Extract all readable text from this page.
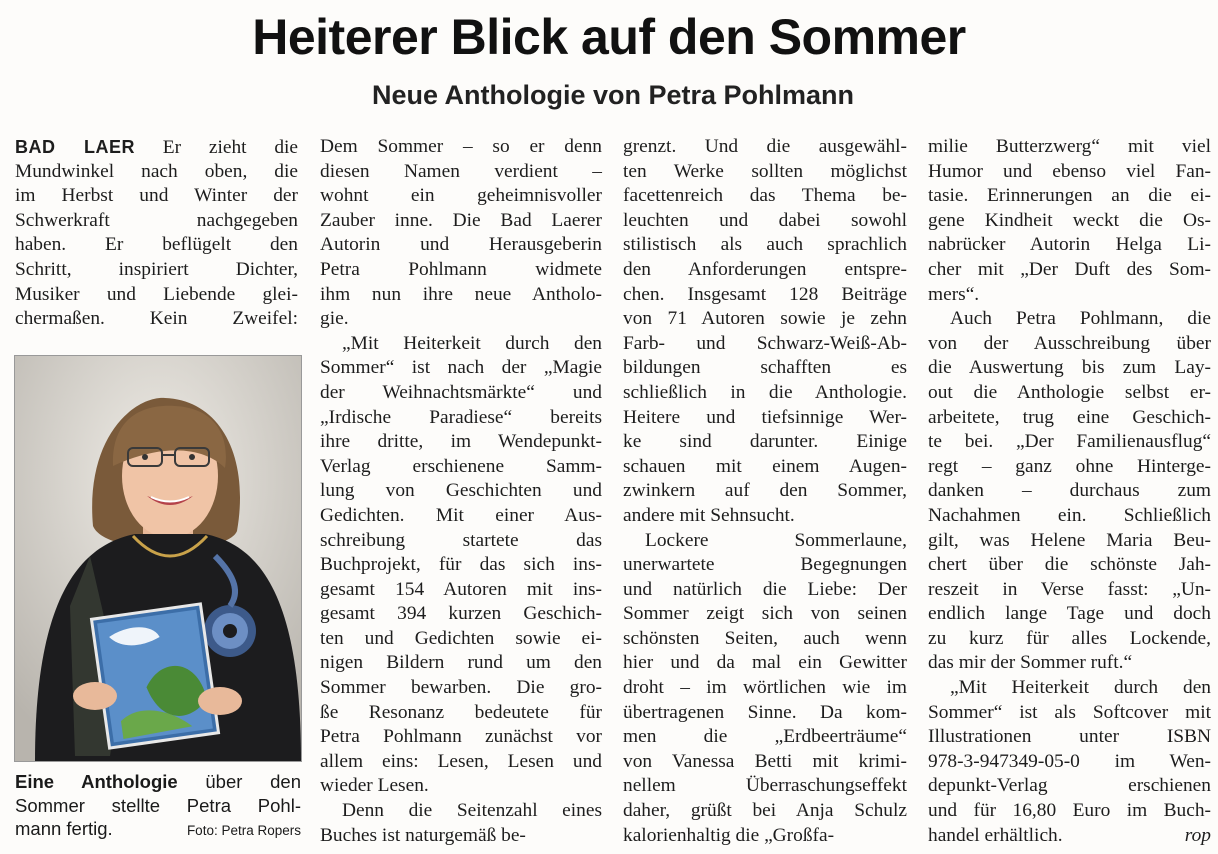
Heiterer Blick auf den Sommer
Neue Anthologie von Petra Pohlmann
BAD LAER Er zieht die
Mundwinkel nach oben, die
im Herbst und Winter der
Schwerkraft nachgegeben
haben. Er beflügelt den
Schritt, inspiriert Dichter,
Musiker und Liebende glei-
chermaßen. Kein Zweifel:
Eine Anthologie über den
Sommer stellte Petra Pohl-
mann fertig.	Foto: Petra Ropers
Dem Sommer – so er denn
diesen Namen verdient –
wohnt ein geheimnisvoller
Zauber inne. Die Bad Laerer
Autorin und Herausgeberin
Petra Pohlmann widmete
ihm nun ihre neue Antholo-
gie.
„Mit Heiterkeit durch den
Sommer“ ist nach der „Magie
der Weihnachtsmärkte“ und
„Irdische Paradiese“ bereits
ihre dritte, im Wendepunkt-
Verlag erschienene Samm-
lung von Geschichten und
Gedichten. Mit einer Aus-
schreibung startete das
Buchprojekt, für das sich ins-
gesamt 154 Autoren mit ins-
gesamt 394 kurzen Geschich-
ten und Gedichten sowie ei-
nigen Bildern rund um den
Sommer bewarben. Die gro-
ße Resonanz bedeutete für
Petra Pohlmann zunächst vor
allem eins: Lesen, Lesen und
wieder Lesen.
Denn die Seitenzahl eines
Buches ist naturgemäß be-
grenzt. Und die ausgewähl-
ten Werke sollten möglichst
facettenreich das Thema be-
leuchten und dabei sowohl
stilistisch als auch sprachlich
den Anforderungen entspre-
chen. Insgesamt 128 Beiträge
von 71 Autoren sowie je zehn
Farb- und Schwarz-Weiß-Ab-
bildungen schafften es
schließlich in die Anthologie.
Heitere und tiefsinnige Wer-
ke sind darunter. Einige
schauen mit einem Augen-
zwinkern auf den Sommer,
andere mit Sehnsucht.
Lockere Sommerlaune,
unerwartete Begegnungen
und natürlich die Liebe: Der
Sommer zeigt sich von seinen
schönsten Seiten, auch wenn
hier und da mal ein Gewitter
droht – im wörtlichen wie im
übertragenen Sinne. Da kom-
men die „Erdbeerträume“
von Vanessa Betti mit krimi-
nellem Überraschungseffekt
daher, grüßt bei Anja Schulz
kalorienhaltig die „Großfa-
milie Butterzwerg“ mit viel
Humor und ebenso viel Fan-
tasie. Erinnerungen an die ei-
gene Kindheit weckt die Os-
nabrücker Autorin Helga Li-
cher mit „Der Duft des Som-
mers“.
Auch Petra Pohlmann, die
von der Ausschreibung über
die Auswertung bis zum Lay-
out die Anthologie selbst er-
arbeitete, trug eine Geschich-
te bei. „Der Familienausflug“
regt – ganz ohne Hinterge-
danken – durchaus zum
Nachahmen ein. Schließlich
gilt, was Helene Maria Beu-
chert über die schönste Jah-
reszeit in Verse fasst: „Un-
endlich lange Tage und doch
zu kurz für alles Lockende,
das mir der Sommer ruft.“
„Mit Heiterkeit durch den
Sommer“ ist als Softcover mit
Illustrationen unter ISBN
978-3-947349-05-0 im Wen-
depunkt-Verlag erschienen
und für 16,80 Euro im Buch-
handel erhältlich.	rop
